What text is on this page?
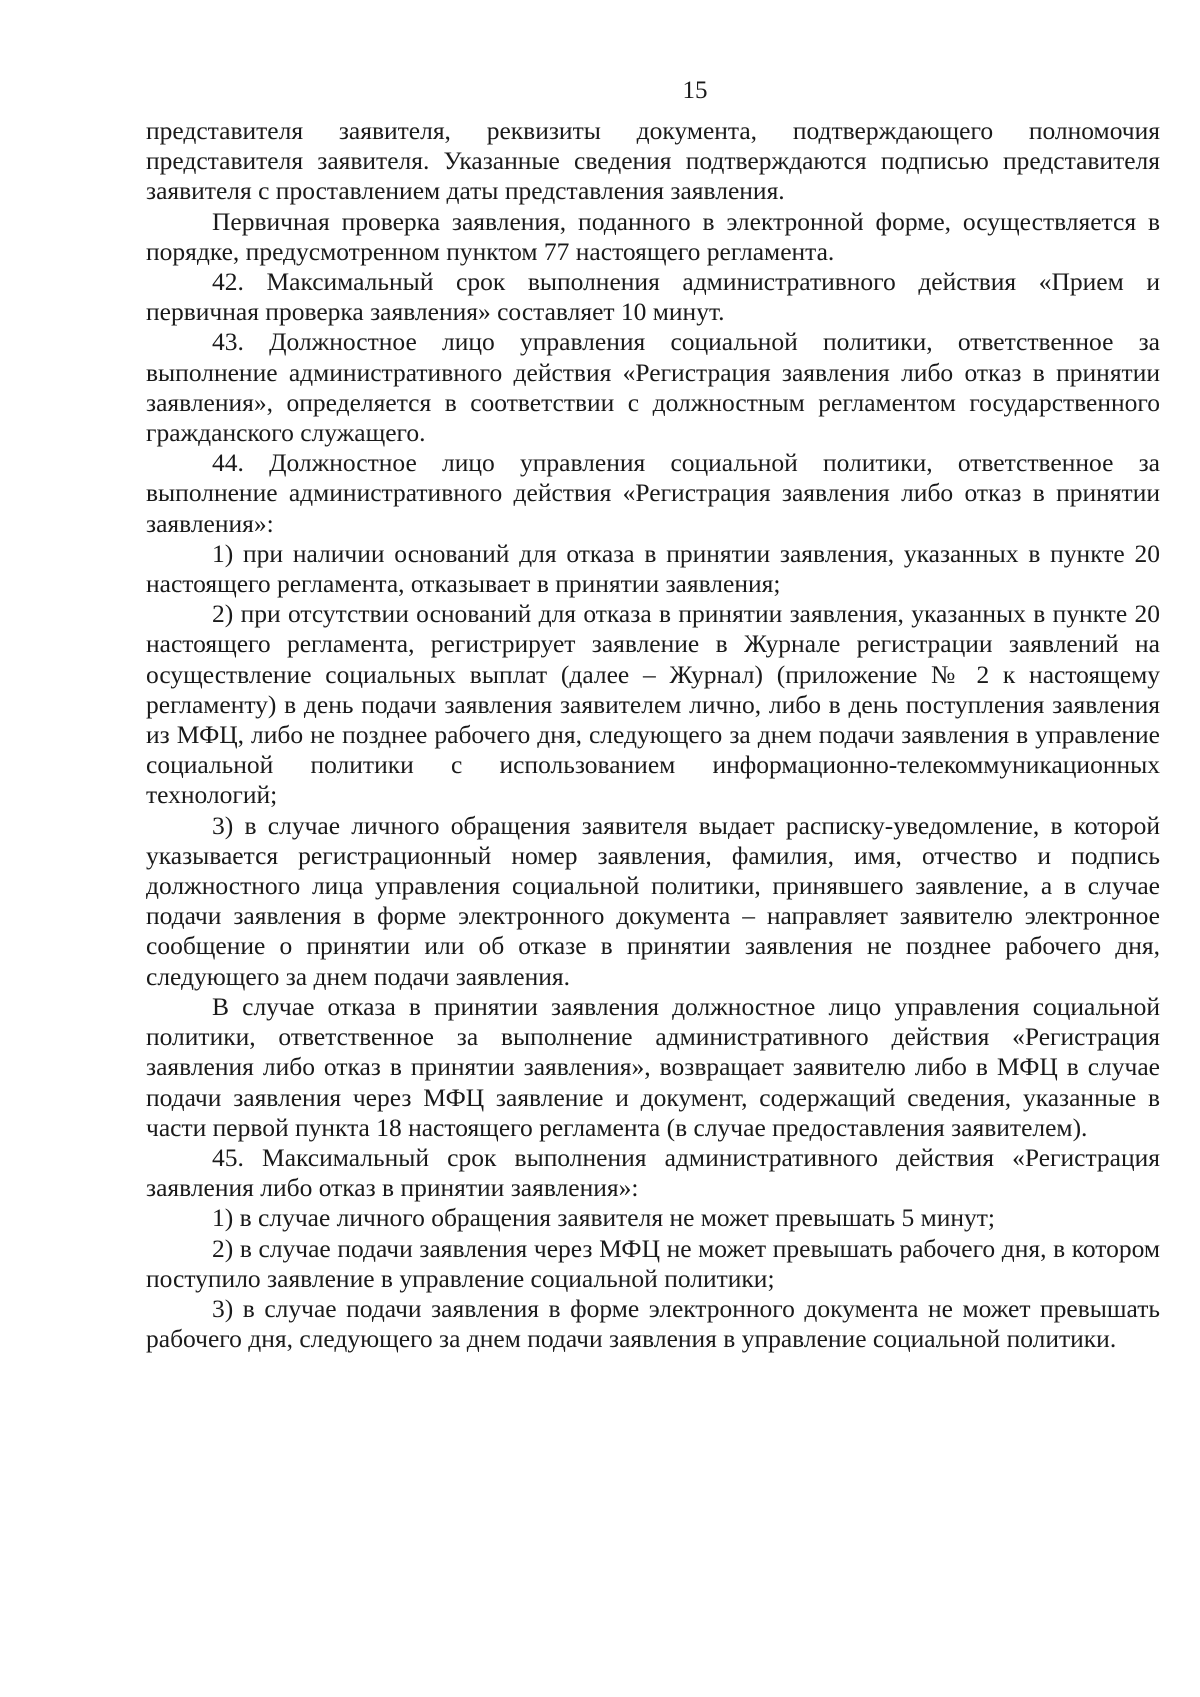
15

представителя заявителя, реквизиты документа, подтверждающего полномочия представителя заявителя. Указанные сведения подтверждаются подписью представителя заявителя с проставлением даты представления заявления.

Первичная проверка заявления, поданного в электронной форме, осуществляется в порядке, предусмотренном пунктом 77 настоящего регламента.

42. Максимальный срок выполнения административного действия «Прием и первичная проверка заявления» составляет 10 минут.

43. Должностное лицо управления социальной политики, ответственное за выполнение административного действия «Регистрация заявления либо отказ в принятии заявления», определяется в соответствии с должностным регламентом государственного гражданского служащего.

44. Должностное лицо управления социальной политики, ответственное за выполнение административного действия «Регистрация заявления либо отказ в принятии заявления»:

1) при наличии оснований для отказа в принятии заявления, указанных в пункте 20 настоящего регламента, отказывает в принятии заявления;

2) при отсутствии оснований для отказа в принятии заявления, указанных в пункте 20 настоящего регламента, регистрирует заявление в Журнале регистрации заявлений на осуществление социальных выплат (далее – Журнал) (приложение № 2 к настоящему регламенту) в день подачи заявления заявителем лично, либо в день поступления заявления из МФЦ, либо не позднее рабочего дня, следующего за днем подачи заявления в управление социальной политики с использованием информационно-телекоммуникационных технологий;

3) в случае личного обращения заявителя выдает расписку-уведомление, в которой указывается регистрационный номер заявления, фамилия, имя, отчество и подпись должностного лица управления социальной политики, принявшего заявление, а в случае подачи заявления в форме электронного документа – направляет заявителю электронное сообщение о принятии или об отказе в принятии заявления не позднее рабочего дня, следующего за днем подачи заявления.

В случае отказа в принятии заявления должностное лицо управления социальной политики, ответственное за выполнение административного действия «Регистрация заявления либо отказ в принятии заявления», возвращает заявителю либо в МФЦ в случае подачи заявления через МФЦ заявление и документ, содержащий сведения, указанные в части первой пункта 18 настоящего регламента (в случае предоставления заявителем).

45. Максимальный срок выполнения административного действия «Регистрация заявления либо отказ в принятии заявления»:

1) в случае личного обращения заявителя не может превышать 5 минут;

2) в случае подачи заявления через МФЦ не может превышать рабочего дня, в котором поступило заявление в управление социальной политики;

3) в случае подачи заявления в форме электронного документа не может превышать рабочего дня, следующего за днем подачи заявления в управление социальной политики.
